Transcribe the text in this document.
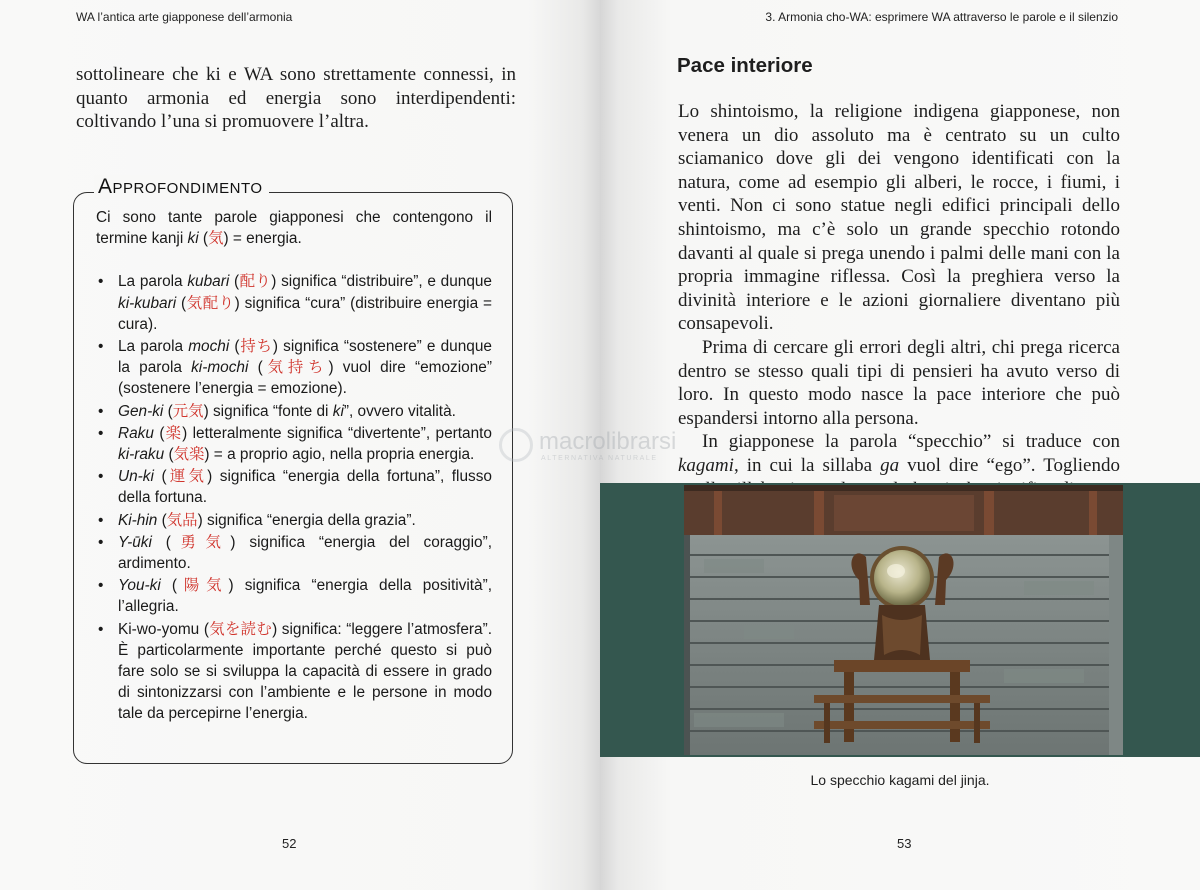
WA l’antica arte giapponese dell’armonia

sottolineare che ki e WA sono strettamente connessi, in quanto armonia ed energia sono interdipendenti: coltivando l’una si promuovere l’altra.

Approfondimento

Ci sono tante parole giapponesi che contengono il termine kanji ki (気) = energia.

• La parola kubari (配り) significa “distribuire”, e dunque ki-kubari (気配り) significa “cura” (distribuire energia = cura).
• La parola mochi (持ち) significa “sostenere” e dunque la parola ki-mochi (気持ち) vuol dire “emozione” (sostenere l’energia = emozione).
• Gen-ki (元気) significa “fonte di ki”, ovvero vitalità.
• Raku (楽) letteralmente significa “divertente”, pertanto ki-raku (気楽) = a proprio agio, nella propria energia.
• Un-ki (運気) significa “energia della fortuna”, flusso della fortuna.
• Ki-hin (気品) significa “energia della grazia”.
• Y-ūki (勇気) significa “energia del coraggio”, ardimento.
• You-ki (陽気) significa “energia della positività”, l’allegria.
• Ki-wo-yomu (気を読む) significa: “leggere l’atmosfera”. È particolarmente importante perché questo si può fare solo se si sviluppa la capacità di essere in grado di sintonizzarsi con l’ambiente e le persone in modo tale da percepirne l’energia.
52
3. Armonia cho-WA: esprimere WA attraverso le parole e il silenzio
Pace interiore

Lo shintoismo, la religione indigena giapponese, non venera un dio assoluto ma è centrato su un culto sciamanico dove gli dei vengono identificati con la natura, come ad esempio gli alberi, le rocce, i fiumi, i venti. Non ci sono statue negli edifici principali dello shintoismo, ma c’è solo un grande specchio rotondo davanti al quale si prega unendo i palmi delle mani con la propria immagine riflessa. Così la preghiera verso la divinità interiore e le azioni giornaliere diventano più consapevoli.

Prima di cercare gli errori degli altri, chi prega ricerca dentro se stesso quali tipi di pensieri ha avuto verso di loro. In questo modo nasce la pace interiore che può espandersi intorno alla persona.

In giapponese la parola “specchio” si traduce con kagami, in cui la sillaba ga vuol dire “ego”. Togliendo

Lo specchio kagami del jinja.
53
macrolibrarsi
ALTERNATIVA NATURALE
